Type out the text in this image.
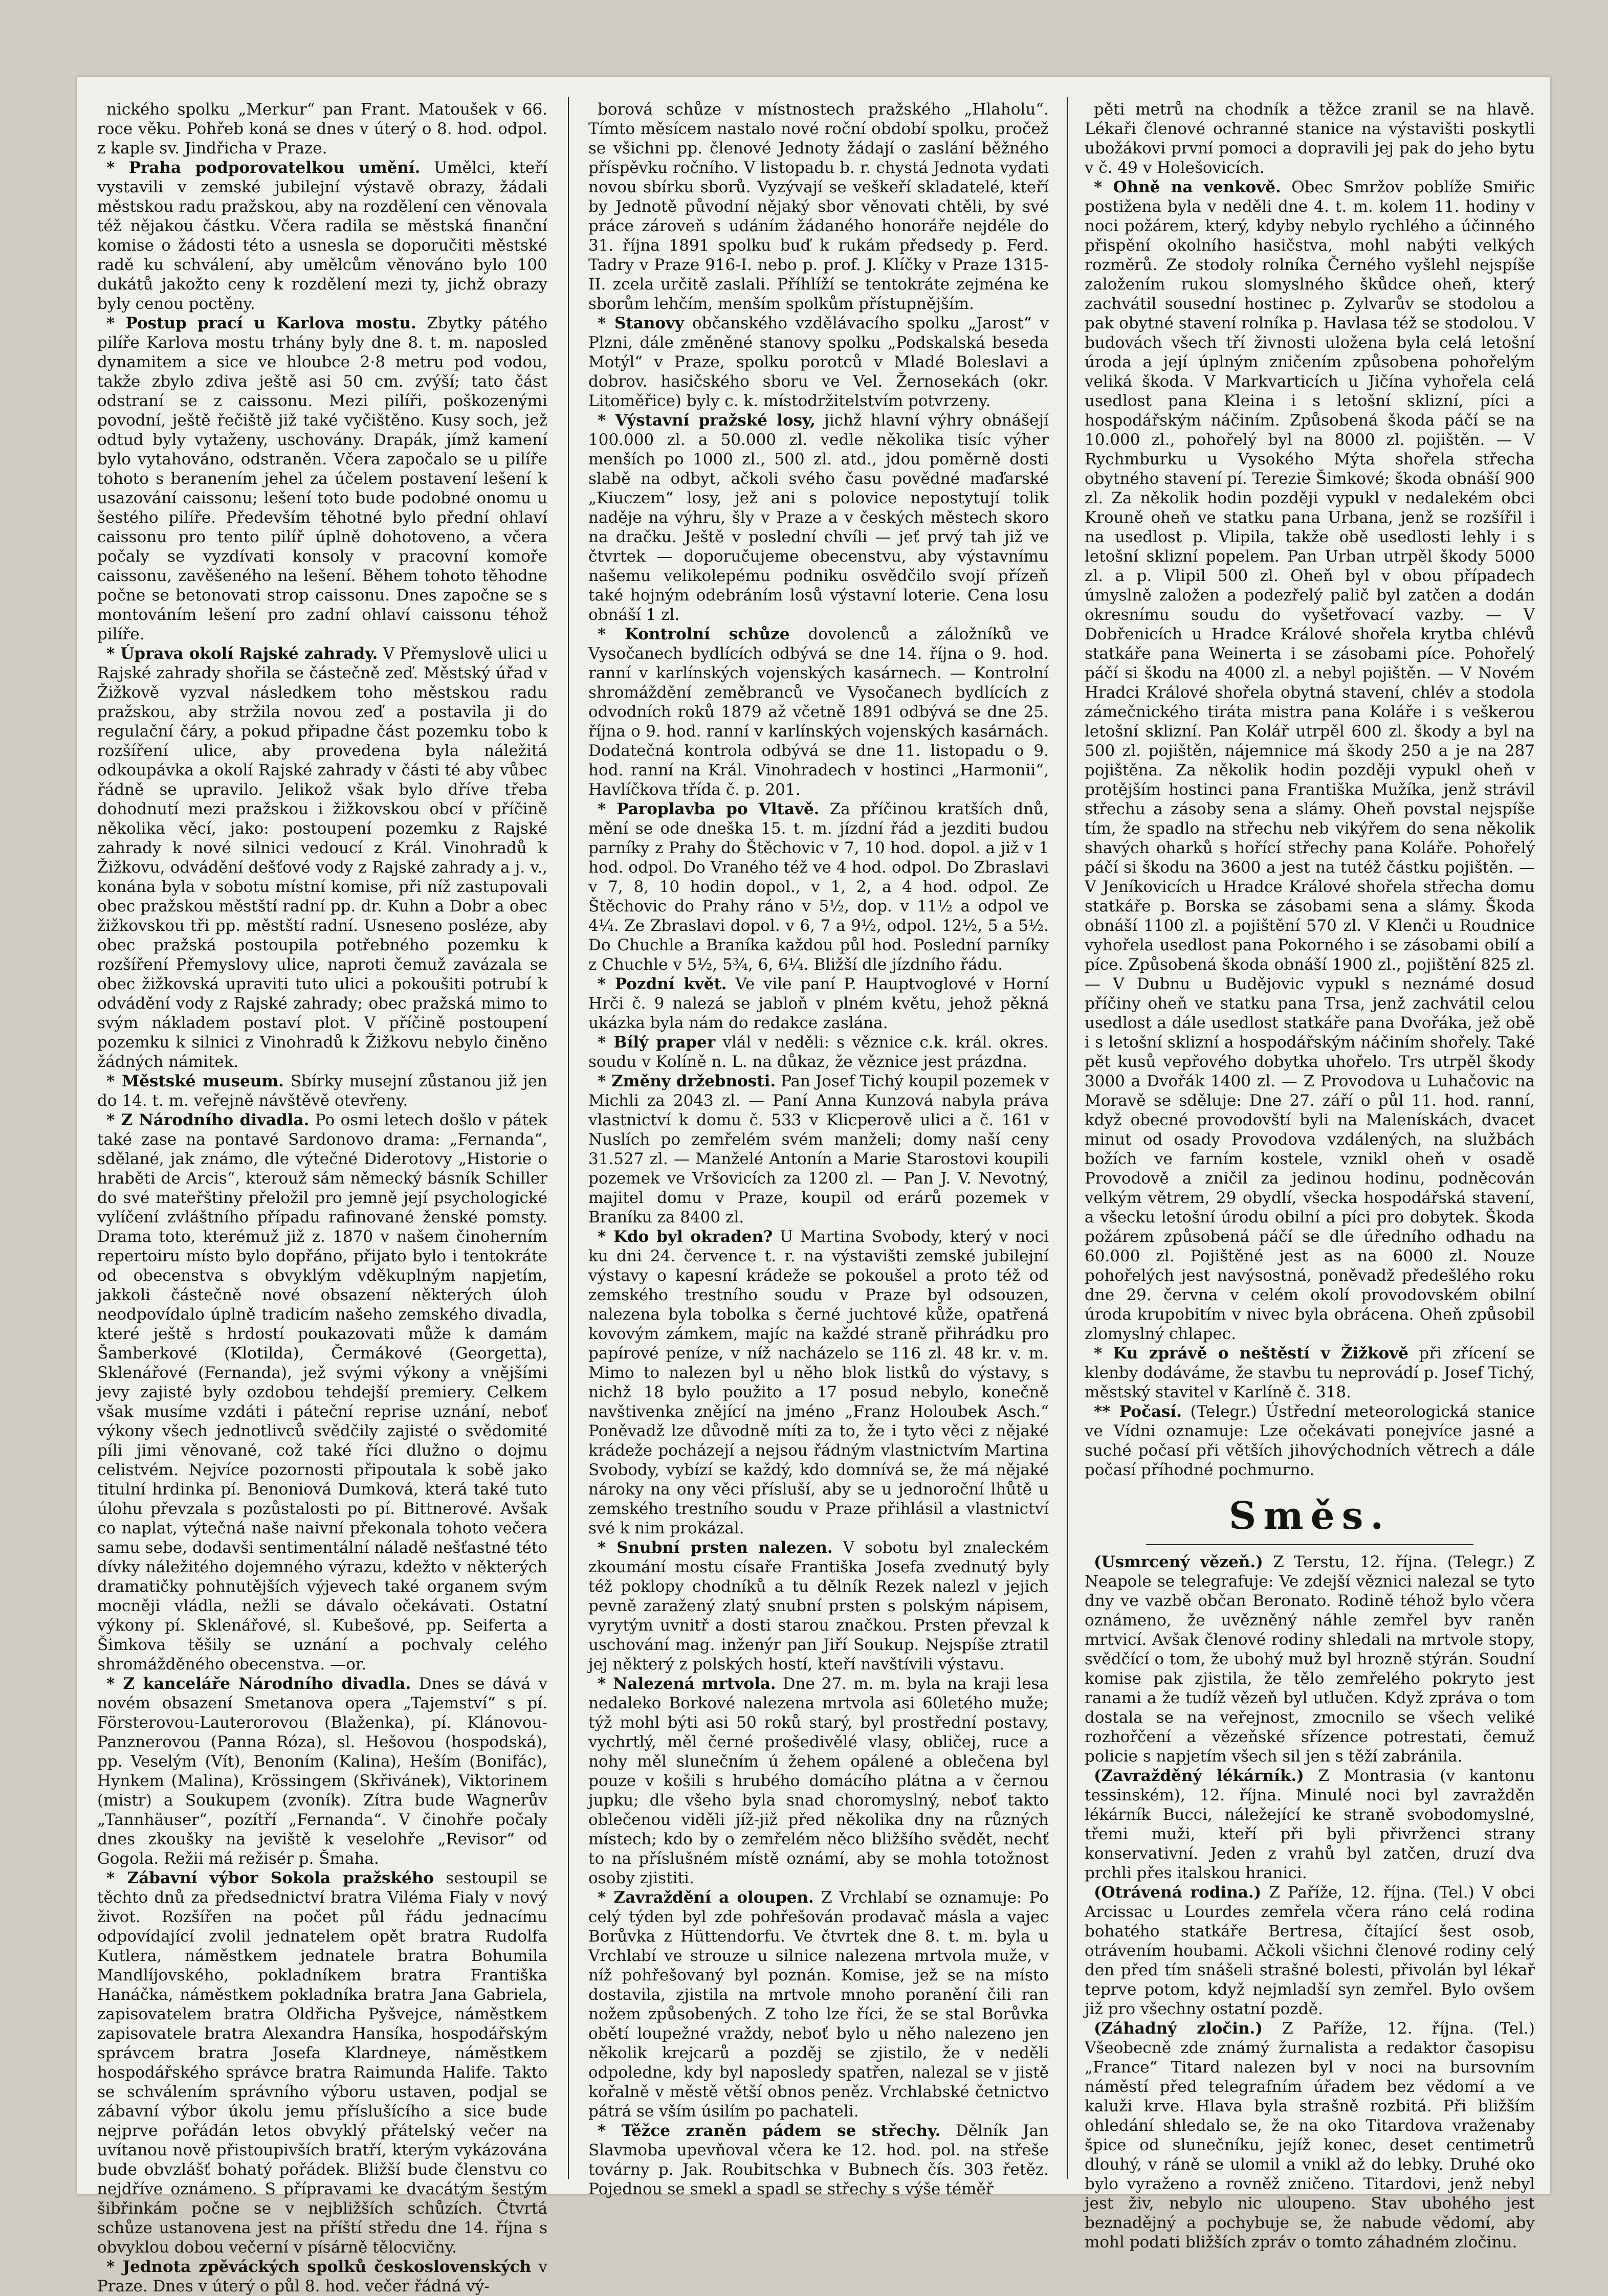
nického spolku „Merkur“ pan Frant. Matoušek v 66. roce věku. Pohřeb koná se dnes v úterý o 8. hod. odpol. z kaple sv. Jindřicha v Praze.

* Praha podporovatelkou umění. Umělci, kteří vystavili v zemské jubilejní výstavě obrazy, žádali městskou radu pražskou, aby na rozdělení cen věnovala též nějakou částku. Včera radila se městská finanční komise o žádosti této a usnesla se doporučiti městské radě ku schválení, aby umělcům věnováno bylo 100 dukátů jakožto ceny k rozdělení mezi ty, jichž obrazy byly cenou poctěny.

* Postup prací u Karlova mostu. Zbytky pátého pilíře Karlova mostu trhány byly dne 8. t. m. naposled dynamitem a sice ve hloubce 2·8 metru pod vodou, takže zbylo zdiva ještě asi 50 cm. zvýší; tato část odstraní se z caissonu. Mezi pilíři, poškozenými povodní, ještě řečiště již také vyčištěno. Kusy soch, jež odtud byly vytaženy, uschovány. Drapák, jímž kamení bylo vytahováno, odstraněn. Včera započalo se u pilíře tohoto s beranením jehel za účelem postavení lešení k usazování caissonu; lešení toto bude podobné onomu u šestého pilíře. Především těhotné bylo přední ohlaví caissonu pro tento pilíř úplně dohotoveno, a včera počaly se vyzdívati konsoly v pracovní komoře caissonu, zavěšeného na lešení. Během tohoto těhodne počne se betonovati strop caissonu. Dnes započne se s montováním lešení pro zadní ohlaví caissonu téhož pilíře.

* Úprava okolí Rajské zahrady. V Přemyslově ulici u Rajské zahrady shořila se částečně zeď. Městský úřad v Žižkově vyzval následkem toho městskou radu pražskou, aby stržila novou zeď a postavila ji do regulační čáry, a pokud připadne část pozemku tobo k rozšíření ulice, aby provedena byla náležitá odkoupávka a okolí Rajské zahrady v části té aby vůbec řádně se upravilo. Jelikož však bylo dříve třeba dohodnutí mezi pražskou i žižkovskou obcí v příčině několika věcí, jako: postoupení pozemku z Rajské zahrady k nové silnici vedoucí z Král. Vinohradů k Žižkovu, odvádění dešťové vody z Rajské zahrady a j. v., konána byla v sobotu místní komise, při níž zastupovali obec pražskou městští radní pp. dr. Kuhn a Dobr a obec žižkovskou tři pp. městští radní. Usneseno posléze, aby obec pražská postoupila potřebného pozemku k rozšíření Přemyslovy ulice, naproti čemuž zavázala se obec žižkovská upraviti tuto ulici a pokoušiti potrubí k odvádění vody z Rajské zahrady; obec pražská mimo to svým nákladem postaví plot. V příčině postoupení pozemku k silnici z Vinohradů k Žižkovu nebylo činěno žádných námitek.

* Městské museum. Sbírky musejní zůstanou již jen do 14. t. m. veřejně návštěvě otevřeny.

* Z Národního divadla. Po osmi letech došlo v pátek také zase na pontavé Sardonovo drama: „Fernanda“, sdělané, jak známo, dle výtečné Diderotovy „Historie o hraběti de Arcis“, kterouž sám německý básník Schiller do své mateřštiny přeložil pro jemně její psychologické vylíčení zvláštního případu rafinované ženské pomsty. Drama toto, kterémuž již z. 1870 v našem činoherním repertoiru místo bylo dopřáno, přijato bylo i tentokráte od obecenstva s obvyklým vděkuplným napjetím, jakkoli částečně nové obsazení některých úloh neodpovídalo úplně tradicím našeho zemského divadla, které ještě s hrdostí poukazovati může k damám Šamberkové (Klotilda), Čermákové (Georgetta), Sklenářové (Fernanda), jež svými výkony a vnějšími jevy zajisté byly ozdobou tehdejší premiery. Celkem však musíme vzdáti i páteční reprise uznání, neboť výkony všech jednotlivců svědčily zajisté o svědomité píli jimi věnované, což také říci dlužno o dojmu celistvém. Nejvíce pozornosti připoutala k sobě jako titulní hrdinka pí. Benoniová Dumková, která také tuto úlohu převzala s pozůstalosti po pí. Bittnerové. Avšak co naplat, výtečná naše naivní překonala tohoto večera samu sebe, dodavši sentimentální náladě nešťastné této dívky náležitého dojemného výrazu, kdežto v některých dramatičky pohnutějších výjevech také organem svým mocněji vládla, nežli se dávalo očekávati. Ostatní výkony pí. Sklenářové, sl. Kubešové, pp. Seiferta a Šimkova těšily se uznání a pochvaly celého shromážděného obecenstva. —or.

* Z kanceláře Národního divadla. Dnes se dává v novém obsazení Smetanova opera „Tajemství“ s pí. Försterovou-Lauterorovou (Blaženka), pí. Klánovou-Panznerovou (Panna Róza), sl. Hešovou (hospodská), pp. Veselým (Vít), Benoním (Kalina), Heším (Bonifác), Hynkem (Malina), Krössingem (Skřivánek), Viktorinem (mistr) a Soukupem (zvoník). Zítra bude Wagnerův „Tannhäuser“, pozítří „Fernanda“. V činohře počaly dnes zkoušky na jeviště k veselohře „Revisor“ od Gogola. Režii má režisér p. Šmaha.

* Zábavní výbor Sokola pražského sestoupil se těchto dnů za předsednictví bratra Viléma Fialy v nový život. Rozšířen na počet půl řádu jednacímu odpovídající zvolil jednatelem opět bratra Rudolfa Kutlera, náměstkem jednatele bratra Bohumila Mandlíjovského, pokladníkem bratra Františka Hanáčka, náměstkem pokladníka bratra Jana Gabriela, zapisovatelem bratra Oldřicha Pyšvejce, náměstkem zapisovatele bratra Alexandra Hansíka, hospodářským správcem bratra Josefa Klardneye, náměstkem hospodářského správce bratra Raimunda Halife. Takto se schválením správního výboru ustaven, podjal se zábavní výbor úkolu jemu příslušícího a sice bude nejprve pořádán letos obvyklý přátelský večer na uvítanou nově přistoupivších bratří, kterým vykázována bude obvzlášť bohatý pořádek. Bližší bude členstvu co nejdříve oznámeno. S přípravami ke dvacátým šestým šibřinkám počne se v nejbližších schůzích. Čtvrtá schůze ustanovena jest na příští středu dne 14. října s obvyklou dobou večerní v písárně tělocvičny.

* Jednota zpěváckých spolků československých v Praze. Dnes v úterý o půl 8. hod. večer řádná vý-

borová schůze v místnostech pražského „Hlaholu“. Tímto měsícem nastalo nové roční období spolku, pročež se všichni pp. členové Jednoty žádají o zaslání běžného příspěvku ročního. V listopadu b. r. chystá Jednota vydati novou sbírku sborů. Vyzývají se veškeří skladatelé, kteří by Jednotě původní nějaký sbor věnovati chtěli, by své práce zároveň s udáním žádaného honoráře nejdéle do 31. října 1891 spolku buď k rukám předsedy p. Ferd. Tadry v Praze 916-I. nebo p. prof. J. Klíčky v Praze 1315-II. zcela určitě zaslali. Příhlíží se tentokráte zejména ke sborům lehčím, menším spolkům přístupnějším.

* Stanovy občanského vzdělávacího spolku „Jarost“ v Plzni, dále změněné stanovy spolku „Podskalská beseda Motýl“ v Praze, spolku porotců v Mladé Boleslavi a dobrov. hasičského sboru ve Vel. Žernosekách (okr. Litoměřice) byly c. k. místodržitelstvím potvrzeny.

* Výstavní pražské losy, jichž hlavní výhry obnášejí 100.000 zl. a 50.000 zl. vedle několika tisíc výher menších po 1000 zl., 500 zl. atd., jdou poměrně dosti slabě na odbyt, ačkoli svého času povědné maďarské „Kiuczem“ losy, jež ani s polovice nepostytují tolik naděje na výhru, šly v Praze a v českých městech skoro na dračku. Ještě v poslední chvíli — jeť prvý tah již ve čtvrtek — doporučujeme obecenstvu, aby výstavnímu našemu velikolepému podniku osvědčilo svojí přízeň také hojným odebráním losů výstavní loterie. Cena losu obnáší 1 zl.

* Kontrolní schůze dovolenců a záložníků ve Vysočanech bydlících odbývá se dne 14. října o 9. hod. ranní v karlínských vojenských kasárnech. — Kontrolní shromáždění zeměbranců ve Vysočanech bydlících z odvodních roků 1879 až včetně 1891 odbývá se dne 25. října o 9. hod. ranní v karlínských vojenských kasárnách. Dodatečná kontrola odbývá se dne 11. listopadu o 9. hod. ranní na Král. Vinohradech v hostinci „Harmonii“, Havlíčkova třída č. p. 201.

* Paroplavba po Vltavě. Za příčinou kratších dnů, mění se ode dneška 15. t. m. jízdní řád a jezditi budou parníky z Prahy do Štěchovic v 7, 10 hod. dopol. a již v 1 hod. odpol. Do Vraného též ve 4 hod. odpol. Do Zbraslavi v 7, 8, 10 hodin dopol., v 1, 2, a 4 hod. odpol. Ze Štěchovic do Prahy ráno v 5½, dop. v 11½ a odpol ve 4¼. Ze Zbraslavi dopol. v 6, 7 a 9½, odpol. 12½, 5 a 5½. Do Chuchle a Braníka každou půl hod. Poslední parníky z Chuchle v 5½, 5¾, 6, 6¼. Bližší dle jízdního řádu.

* Pozdní květ. Ve vile paní P. Hauptvoglové v Horní Hrči č. 9 nalezá se jabloň v plném květu, jehož pěkná ukázka byla nám do redakce zaslána.

* Bílý praper vlál v neděli: s věznice c.k. král. okres. soudu v Kolíně n. L. na důkaz, že věznice jest prázdna.

* Změny držebnosti. Pan Josef Tichý koupil pozemek v Michli za 2043 zl. — Paní Anna Kunzová nabyla práva vlastnictví k domu č. 533 v Klicperově ulici a č. 161 v Nuslích po zemřelém svém manželi; domy naší ceny 31.527 zl. — Manželé Antonín a Marie Starostovi koupili pozemek ve Vršovicích za 1200 zl. — Pan J. V. Nevotný, majitel domu v Praze, koupil od erárů pozemek v Braníku za 8400 zl.

* Kdo byl okraden? U Martina Svobody, který v noci ku dni 24. července t. r. na výstavišti zemské jubilejní výstavy o kapesní krádeže se pokoušel a proto též od zemského trestního soudu v Praze byl odsouzen, nalezena byla tobolka s černé juchtové kůže, opatřená kovovým zámkem, majíc na každé straně přihrádku pro papírové peníze, v níž nacházelo se 116 zl. 48 kr. v. m. Mimo to nalezen byl u něho blok listků do výstavy, s nichž 18 bylo použito a 17 posud nebylo, konečně navštivenka znějící na jméno „Franz Holoubek Asch.“ Poněvadž lze důvodně míti za to, že i tyto věci z nějaké krádeže pocházejí a nejsou řádným vlastnictvím Martina Svobody, vybízí se každý, kdo domnívá se, že má nějaké nároky na ony věci přísluší, aby se u jednoroční lhůtě u zemského trestního soudu v Praze přihlásil a vlastnictví své k nim prokázal.

* Snubní prsten nalezen. V sobotu byl znaleckém zkoumání mostu císaře Františka Josefa zvednutý byly též poklopy chodníků a tu dělník Rezek nalezl v jejich pevně zaražený zlatý snubní prsten s polským nápisem, vyrytým uvnitř a dosti starou značkou. Prsten převzal k uschování mag. inženýr pan Jiří Soukup. Nejspíše ztratil jej některý z polských hostí, kteří navštívili výstavu.

* Nalezená mrtvola. Dne 27. m. m. byla na kraji lesa nedaleko Borkové nalezena mrtvola asi 60letého muže; týž mohl býti asi 50 roků starý, byl prostřední postavy, vychrtlý, měl černé prošedivělé vlasy, obličej, ruce a nohy měl slunečním ú žehem opálené a oblečena byl pouze v košili s hrubého domácího plátna a v černou jupku; dle všeho byla snad choromyslný, neboť takto oblečenou viděli jíž-již před několika dny na různých místech; kdo by o zemřelém něco bližšího svědět, nechť to na příslušném místě oznámí, aby se mohla totožnost osoby zjistiti.

* Zavraždění a oloupen. Z Vrchlabí se oznamuje: Po celý týden byl zde pohřešován prodavač másla a vajec Borůvka z Hüttendorfu. Ve čtvrtek dne 8. t. m. byla u Vrchlabí ve strouze u silnice nalezena mrtvola muže, v níž pohřešovaný byl poznán. Komise, jež se na místo dostavila, zjistila na mrtvole mnoho poranění čili ran nožem způsobených. Z toho lze říci, že se stal Borůvka obětí loupežné vraždy, neboť bylo u něho nalezeno jen několik krejcarů a pozděj se zjistilo, že v neděli odpoledne, kdy byl naposledy spatřen, nalezal se v jistě kořalně v městě větší obnos peněz. Vrchlabské četnictvo pátrá se vším úsilím po pachateli.

* Těžce zraněn pádem se střechy. Dělník Jan Slavmoba upevňoval včera ke 12. hod. pol. na střeše továrny p. Jak. Roubitschka v Bubnech čís. 303 řetěz. Pojednou se smekl a spadl se střechy s výše téměř

pěti metrů na chodník a těžce zranil se na hlavě. Lékaři členové ochranné stanice na výstavišti poskytli ubožákovi první pomoci a dopravili jej pak do jeho bytu v č. 49 v Holešovicích.

* Ohně na venkově. Obec Smržov poblíže Smiřic postižena byla v neděli dne 4. t. m. kolem 11. hodiny v noci požárem, který, kdyby nebylo rychlého a účinného přispění okolního hasičstva, mohl nabýti velkých rozměrů. Ze stodoly rolníka Černého vyšlehl nejspíše založením rukou slomyslného škůdce oheň, který zachvátil sousední hostinec p. Zylvarův se stodolou a pak obytné stavení rolníka p. Havlasa též se stodolou. V budovách všech tří živnosti uložena byla celá letošní úroda a její úplným zničením způsobena pohořelým veliká škoda. V Markvarticích u Jičína vyhořela celá usedlost pana Kleina i s letošní sklizní, píci a hospodářským náčiním. Způsobená škoda páčí se na 10.000 zl., pohořelý byl na 8000 zl. pojištěn. — V Rychmburku u Vysokého Mýta shořela střecha obytného stavení pí. Terezie Šimkové; škoda obnáší 900 zl. Za několik hodin později vypukl v nedalekém obci Krouně oheň ve statku pana Urbana, jenž se rozšířil i na usedlost p. Vlipila, takže obě usedlosti lehly i s letošní sklizní popelem. Pan Urban utrpěl škody 5000 zl. a p. Vlipil 500 zl. Oheň byl v obou případech úmyslně založen a podezřelý palič byl zatčen a dodán okresnímu soudu do vyšetřovací vazby. — V Dobřenicích u Hradce Králové shořela krytba chlévů statkáře pana Weinerta i se zásobami píce. Pohořelý páčí si škodu na 4000 zl. a nebyl pojištěn. — V Novém Hradci Králové shořela obytná stavení, chlév a stodola zámečnického tiráta mistra pana Koláře i s veškerou letošní sklizní. Pan Kolář utrpěl 600 zl. škody a byl na 500 zl. pojištěn, nájemnice má škody 250 a je na 287 pojištěna. Za několik hodin později vypukl oheň v protějším hostinci pana Františka Mužíka, jenž strávil střechu a zásoby sena a slámy. Oheň povstal nejspíše tím, že spadlo na střechu neb vikýřem do sena několik shavých oharků s hořící střechy pana Koláře. Pohořelý páčí si škodu na 3600 a jest na tutéž částku pojištěn. — V Jeníkovicích u Hradce Králové shořela střecha domu statkáře p. Borska se zásobami sena a slámy. Škoda obnáší 1100 zl. a pojištění 570 zl. V Klenči u Roudnice vyhořela usedlost pana Pokorného i se zásobami obilí a píce. Způsobená škoda obnáší 1900 zl., pojištění 825 zl. — V Dubnu u Budějovic vypukl s neznámé dosud příčiny oheň ve statku pana Trsa, jenž zachvátil celou usedlost a dále usedlost statkáře pana Dvořáka, jež obě i s letošní sklizní a hospodářským náčiním shořely. Také pět kusů vepřového dobytka uhořelo. Trs utrpěl škody 3000 a Dvořák 1400 zl. — Z Provodova u Luhačovic na Moravě se sděluje: Dne 27. září o půl 11. hod. ranní, když obecné provodovští byli na Malenískách, dvacet minut od osady Provodova vzdálených, na službách božích ve farním kostele, vznikl oheň v osadě Provodově a zničil za jedinou hodinu, podněcován velkým větrem, 29 obydlí, všecka hospodářská stavení, a všecku letošní úrodu obilní a píci pro dobytek. Škoda požárem způsobená páčí se dle úředního odhadu na 60.000 zl. Pojištěné jest as na 6000 zl. Nouze pohořelých jest navýsostná, poněvadž předešlého roku dne 29. června v celém okolí provodovském obilní úroda krupobitím v nivec byla obrácena. Oheň způsobil zlomyslný chlapec.

* Ku zprávě o neštěstí v Žižkově při zřícení se klenby dodáváme, že stavbu tu neprovádí p. Josef Tichý, městský stavitel v Karlíně č. 318.

** Počasí. (Telegr.) Ústřední meteorologická stanice ve Vídni oznamuje: Lze očekávati ponejvíce jasné a suché počasí při větších jihovýchodních větrech a dále počasí příhodné pochmurno.

Směs.

(Usmrcený vězeň.) Z Terstu, 12. října. (Telegr.) Z Neapole se telegrafuje: Ve zdejší věznici nalezal se tyto dny ve vazbě občan Beronato. Rodině téhož bylo včera oznámeno, že uvězněný náhle zemřel byv raněn mrtvicí. Avšak členové rodiny shledali na mrtvole stopy, svědčící o tom, že ubohý muž byl hrozně stýrán. Soudní komise pak zjistila, že tělo zemřelého pokryto jest ranami a že tudíž vězeň byl utlučen. Když zpráva o tom dostala se na veřejnost, zmocnilo se všech veliké rozhořčení a vězeňské sřízence potrestati, čemuž policie s napjetím všech sil jen s těží zabránila.

(Zavražděný lékárník.) Z Montrasia (v kantonu tessinském), 12. října. Minulé noci byl zavražděn lékárník Bucci, náležející ke straně svobodomyslné, třemi muži, kteří při byli přivrženci strany konservativní. Jeden z vrahů byl zatčen, druzí dva prchli přes italskou hranici.

(Otrávená rodina.) Z Paříže, 12. října. (Tel.) V obci Arcissac u Lourdes zemřela včera ráno celá rodina bohatého statkáře Bertresa, čítající šest osob, otrávením houbami. Ačkoli všichni členové rodiny celý den před tím snášeli strašné bolesti, přivolán byl lékař teprve potom, když nejmladší syn zemřel. Bylo ovšem již pro všechny ostatní pozdě.

(Záhadný zločin.) Z Paříže, 12. října. (Tel.) Všeobecně zde známý žurnalista a redaktor časopisu „France“ Titard nalezen byl v noci na bursovním náměstí před telegrafním úřadem bez vědomí a ve kaluži krve. Hlava byla strašně rozbitá. Při bližším ohledání shledalo se, že na oko Titardova vraženaby špice od slunečníku, jejíž konec, deset centimetrů dlouhý, v ráně se ulomil a vnikl až do lebky. Druhé oko bylo vyraženo a rovněž zničeno. Titardovi, jenž nebyl jest živ, nebylo nic uloupeno. Stav ubohého jest beznadějný a pochybuje se, že nabude vědomí, aby mohl podati bližších zpráv o tomto záhadném zločinu.
